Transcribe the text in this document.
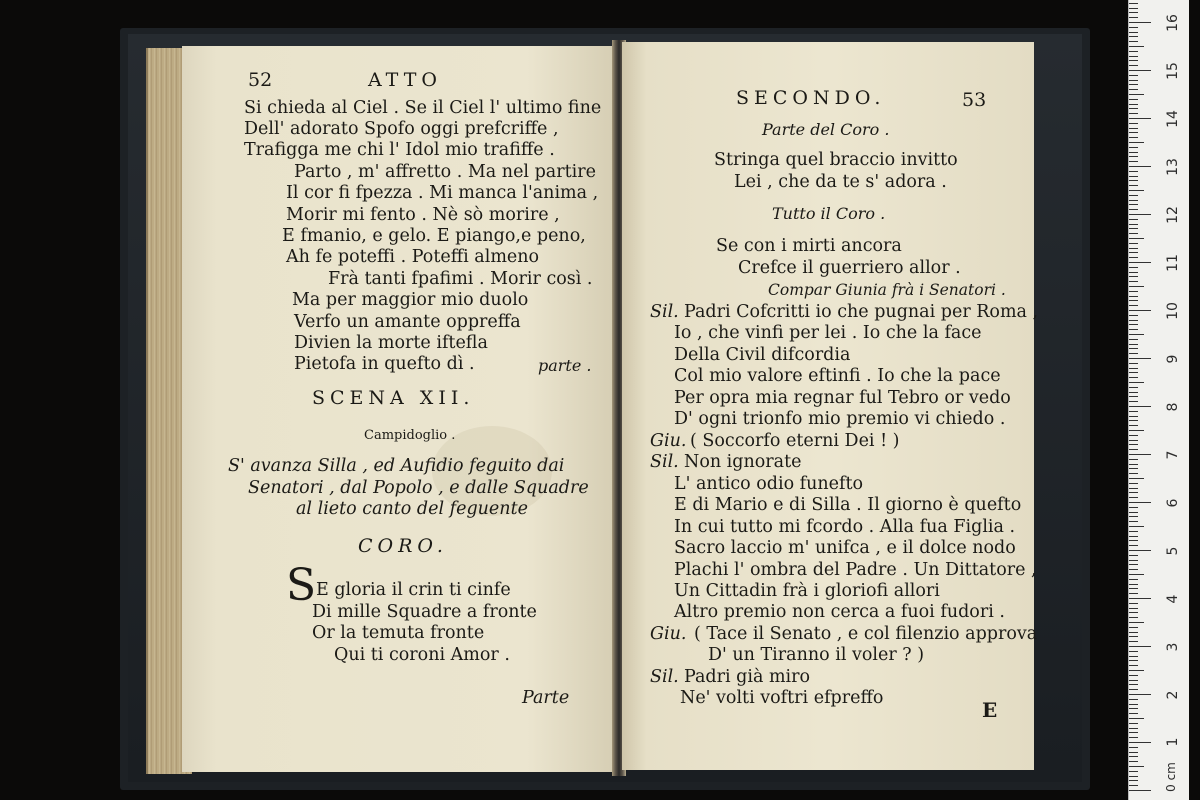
52	ATTO
Si chieda al Ciel . Se il Ciel l' ultimo fine
Dell' adorato Spofo oggi prefcriffe ,
Trafigga me chi l' Idol mio trafiffe .
Parto , m' affretto . Ma nel partire
Il cor fi fpezza . Mi manca l'anima ,
Morir mi fento . Nè sò morire ,
E fmanio, e gelo. E piango,e peno,
Ah fe poteffi . Poteffi almeno
Frà tanti fpafimi . Morir così .
Ma per maggior mio duolo
Verfo un amante oppreffa
Divien la morte iftefla
Pietofa in quefto dì .	parte .
SCENA XII.
Campidoglio .
S' avanza Silla , ed Aufidio feguito dai
Senatori , dal Popolo , e dalle Squadre
al lieto canto del feguente
CORO.
S E gloria il crin ti cinfe
Di mille Squadre a fronte
Or la temuta fronte
Qui ti coroni Amor .
Parte
SECONDO.	53
Parte del Coro .
Stringa quel braccio invitto
Lei , che da te s' adora .
Tutto il Coro .
Se con i mirti ancora
Crefce il guerriero allor .
Compar Giunia frà i Senatori .
Sil. Padri Cofcritti io che pugnai per Roma ,
Io , che vinfi per lei . Io che la face
Della Civil difcordia
Col mio valore eftinfi . Io che la pace
Per opra mia regnar ful Tebro or vedo
D' ogni trionfo mio premio vi chiedo .
Giu. ( Soccorfo eterni Dei ! )
Sil. Non ignorate
L' antico odio funefto
E di Mario e di Silla . Il giorno è quefto
In cui tutto mi fcordo . Alla fua Figlia .
Sacro laccio m' unifca , e il dolce nodo
Plachi l' ombra del Padre . Un Dittatore ,
Un Cittadin frà i gloriofi allori
Altro premio non cerca a fuoi fudori .
Giu. ( Tace il Senato , e col filenzio approva
D' un Tiranno il voler ? )
Sil. Padri già miro
Ne' volti voftri efpreffo	E
0 cm
1
2
3
4
5
6
7
8
9
10
11
12
13
14
15
16
